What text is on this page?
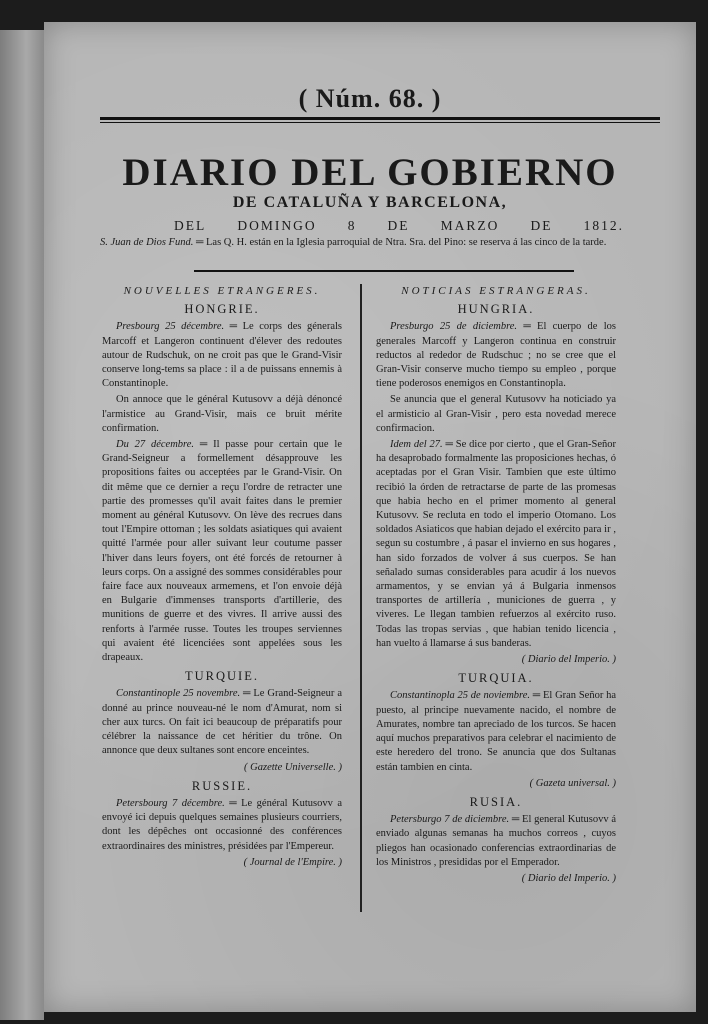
( Núm. 68. )
DIARIO DEL GOBIERNO
DE CATALUÑA Y BARCELONA,
DEL DOMINGO 8 DE MARZO DE 1812.
S. Juan de Dios Fund. ═ Las Q. H. están en la Iglesia parroquial de Ntra. Sra. del Pino: se reserva á las cinco de la tarde.
NOUVELLES ETRANGERES.
HONGRIE.

Presbourg 25 décembre. ═ Le corps des génerals Marcoff et Langeron continuent d'élever des redoutes autour de Rudschuk, on ne croit pas que le Grand-Visir conserve long-tems sa place : il a de puissans ennemis à Constantinople.

On annoce que le général Kutusovv a déjà dénoncé l'armistice au Grand-Visir, mais ce bruit mérite confirmation.

Du 27 décembre. ═ Il passe pour certain que le Grand-Seigneur a formellement désapprouve les propositions faites ou acceptées par le Grand-Visir. On dit même que ce dernier a reçu l'ordre de retracter une partie des promesses qu'il avait faites dans le premier moment au général Kutusovv. On lève des recrues dans tout l'Empire ottoman ; les soldats asiatiques qui avaient quitté l'armée pour aller suivant leur coutume passer l'hiver dans leurs foyers, ont été forcés de retourner à leurs corps. On a assigné des sommes considérables pour faire face aux nouveaux armemens, et l'on envoie déjà en Bulgarie d'immenses transports d'artillerie, des munitions de guerre et des vivres. Il arrive aussi des renforts à l'armée russe. Toutes les troupes serviennes qui avaient été licenciées sont appelées sous les drapeaux.

TURQUIE.

Constantinople 25 novembre. ═ Le Grand-Seigneur a donné au prince nouveau-né le nom d'Amurat, nom si cher aux turcs. On fait ici beaucoup de préparatifs pour célébrer la naissance de cet héritier du trône. On annonce que deux sultanes sont encore enceintes.

( Gazette Universelle. )
RUSSIE.

Petersbourg 7 décembre. ═ Le général Kutusovv a envoyé ici depuis quelques semaines plusieurs courriers, dont les dépêches ont occasionné des conférences extraordinaires des ministres, présidées par l'Empereur.

( Journal de l'Empire. )
NOTICIAS ESTRANGERAS.
HUNGRIA.

Presburgo 25 de diciembre. ═ El cuerpo de los generales Marcoff y Langeron continua en construir reductos al rededor de Rudschuc ; no se cree que el Gran-Visir conserve mucho tiempo su empleo , porque tiene poderosos enemigos en Constantinopla.

Se anuncia que el general Kutusovv ha noticiado ya el armisticio al Gran-Visir , pero esta novedad merece confirmacion.

Idem del 27. ═ Se dice por cierto , que el Gran-Señor ha desaprobado formalmente las proposiciones hechas, ó aceptadas por el Gran Visir. Tambien que este último recibió la órden de retractarse de parte de las promesas que habia hecho en el primer momento al general Kutusovv. Se recluta en todo el imperio Otomano. Los soldados Asiaticos que habian dejado el exército para ir , segun su costumbre , á pasar el invierno en sus hogares , han sido forzados de volver á sus cuerpos. Se han señalado sumas considerables para acudir á los nuevos armamentos, y se envian yá á Bulgaria inmensos transportes de artillería , municiones de guerra , y viveres. Le llegan tambien refuerzos al exército ruso. Todas las tropas servias , que habian tenido licencia , han vuelto á llamarse á sus banderas.

( Diario del Imperio. )
TURQUIA.

Constantinopla 25 de noviembre. ═ El Gran Señor ha puesto, al principe nuevamente nacido, el nombre de Amurates, nombre tan apreciado de los turcos. Se hacen aquí muchos preparativos para celebrar el nacimiento de este heredero del trono. Se anuncia que dos Sultanas están tambien en cinta.

( Gazeta universal. )
RUSIA.

Petersburgo 7 de diciembre. ═ El general Kutusovv á enviado algunas semanas ha muchos correos , cuyos pliegos han ocasionado conferencias extraordinarias de los Ministros , presididas por el Emperador.

( Diario del Imperio. )
